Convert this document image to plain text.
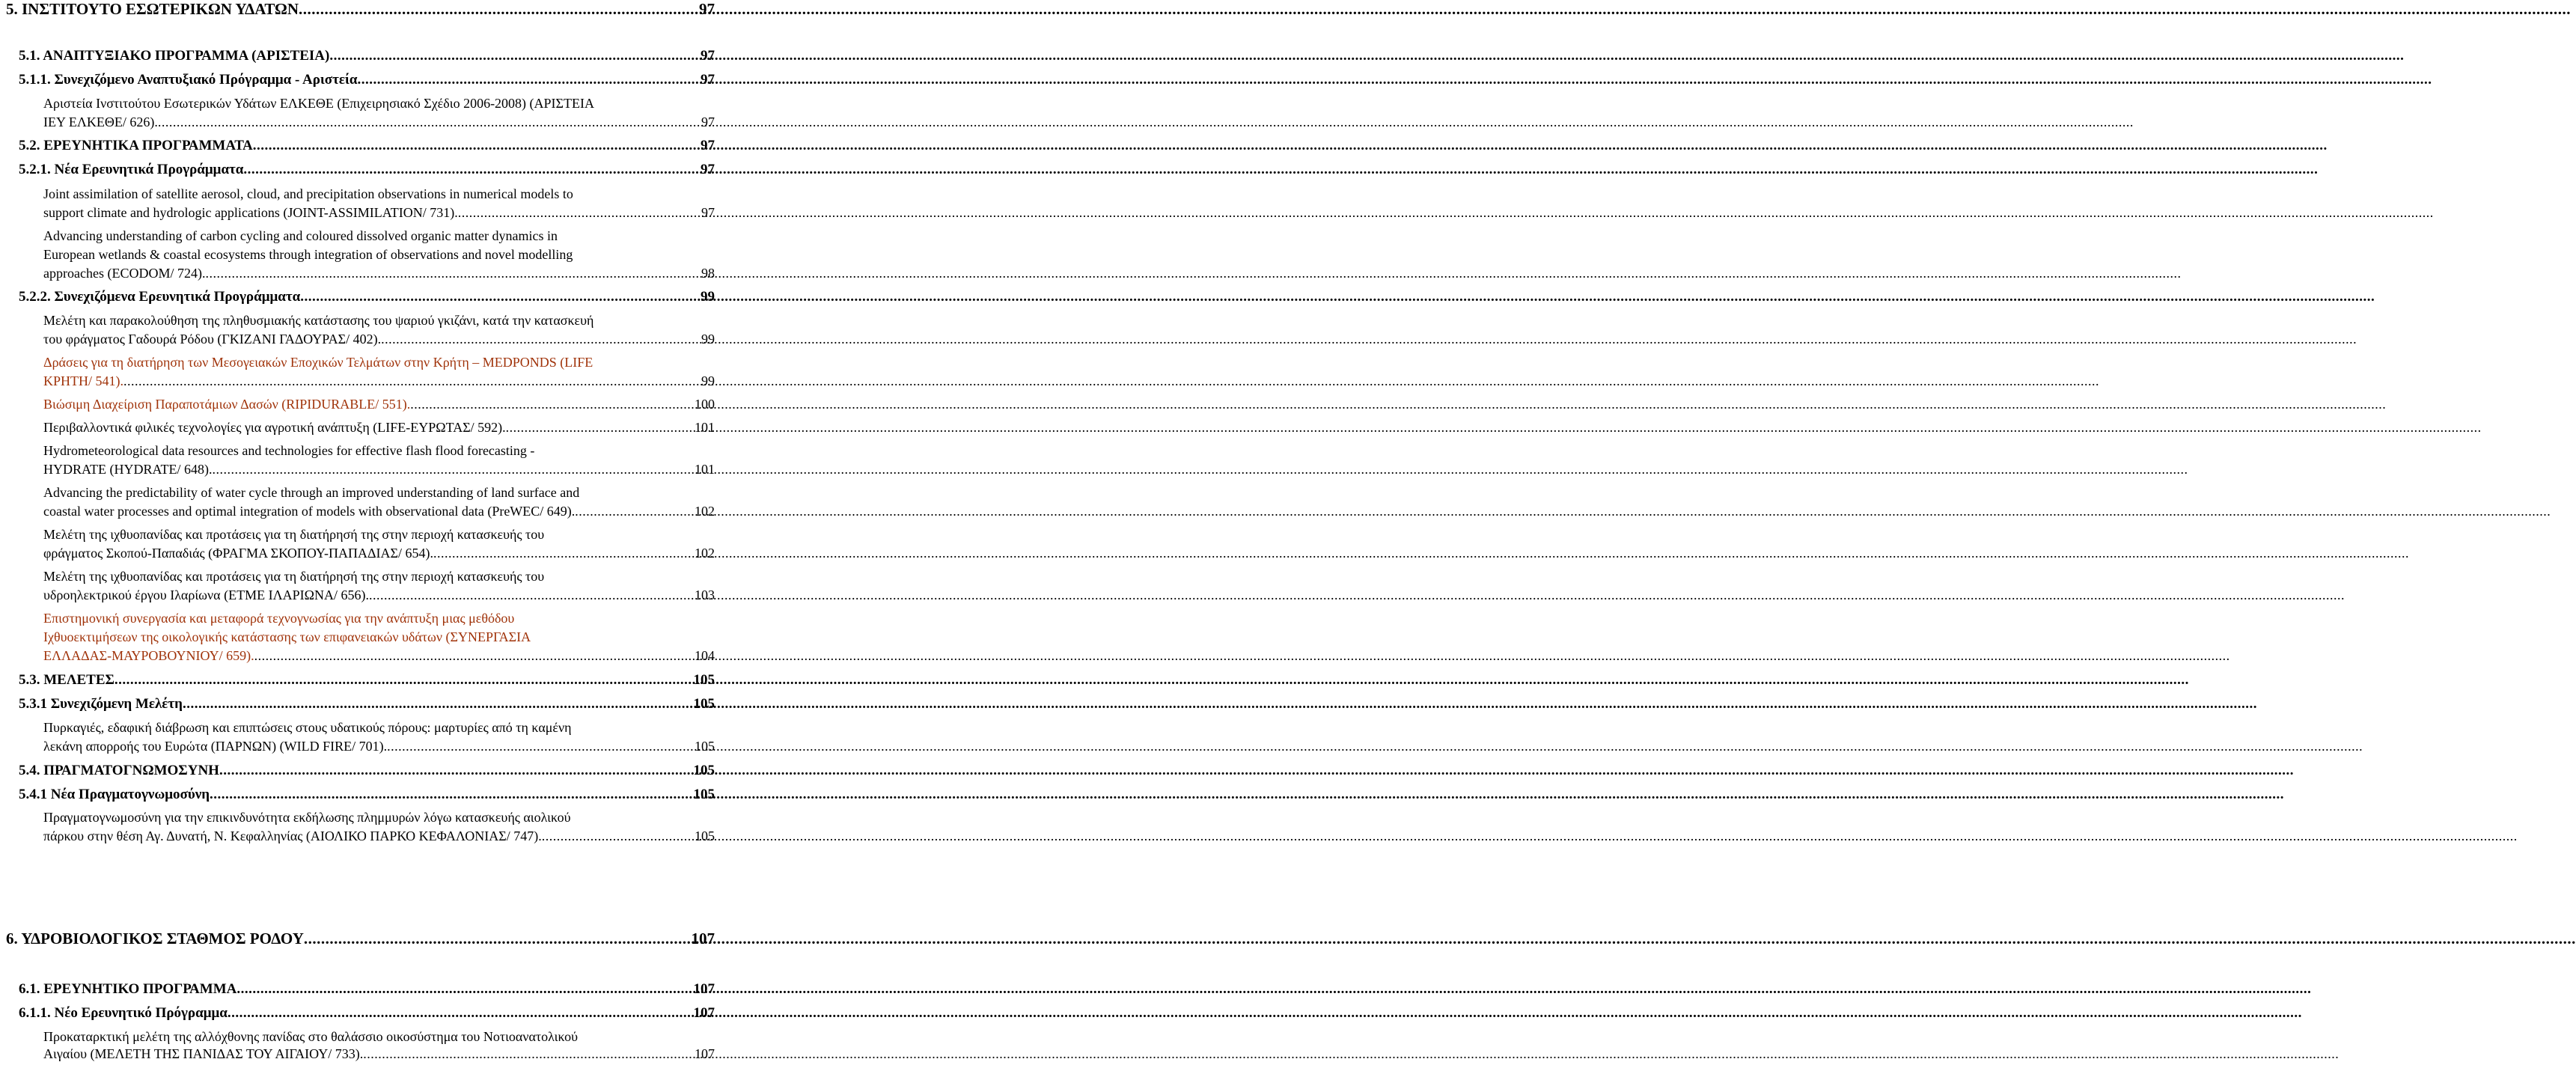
5. ΙΝΣΤΙΤΟΥΤΟ ΕΣΩΤΕΡΙΚΩΝ ΥΔΑΤΩΝ .....	97
5.1. ΑΝΑΠΤΥΞΙΑΚΟ ΠΡΟΓΡΑΜΜΑ (ΑΡΙΣΤΕΙΑ) .....	97
5.1.1. Συνεχιζόμενο Αναπτυξιακό Πρόγραμμα - Αριστεία .....	97
Αριστεία Ινστιτούτου Εσωτερικών Υδάτων ΕΛΚΕΘΕ (Επιχειρησιακό Σχέδιο 2006-2008) (ΑΡΙΣΤΕΙΑ
ΙΕΥ ΕΛΚΕΘΕ/ 626). .....	97
5.2. ΕΡΕΥΝΗΤΙΚΑ ΠΡΟΓΡΑΜΜΑΤΑ .....	97
5.2.1. Νέα Ερευνητικά Προγράμματα .....	97
Joint assimilation of satellite aerosol, cloud, and precipitation observations in numerical models to
support climate and hydrologic applications (JOINT-ASSIMILATION/ 731). .....	97
Advancing understanding of carbon cycling and coloured dissolved organic matter dynamics in
European wetlands & coastal ecosystems through integration of observations and novel modelling
approaches (ECODOM/ 724). .....	98
5.2.2. Συνεχιζόμενα Ερευνητικά Προγράμματα .....	99
Μελέτη και παρακολούθηση της πληθυσμιακής κατάστασης του ψαριού γκιζάνι, κατά την κατασκευή
του φράγματος Γαδουρά Ρόδου (ΓΚΙΖΑΝΙ ΓΑΔΟΥΡΑΣ/ 402). .....	99
Δράσεις για τη διατήρηση των Μεσογειακών Εποχικών Τελμάτων στην Κρήτη – MEDPONDS (LIFE
ΚΡΗΤΗ/ 541). .....	99
Βιώσιμη Διαχείριση Παραποτάμιων Δασών (RIPIDURABLE/ 551). .....	100
Περιβαλλοντικά φιλικές τεχνολογίες για αγροτική ανάπτυξη (LIFE-ΕΥΡΩΤΑΣ/ 592). .....	101
Hydrometeorological data resources and technologies for effective flash flood forecasting -
HYDRATE (HYDRATE/ 648). .....	101
Advancing the predictability of water cycle through an improved understanding of land surface and
coastal water processes and optimal integration of models with observational data (PreWEC/ 649). .....	102
Μελέτη της ιχθυοπανίδας και προτάσεις για τη διατήρησή της στην περιοχή κατασκευής του
φράγματος Σκοπού-Παπαδιάς (ΦΡΑΓΜΑ ΣΚΟΠΟΥ-ΠΑΠΑΔΙΑΣ/ 654). .....	102
Μελέτη της ιχθυοπανίδας και προτάσεις για τη διατήρησή της στην περιοχή κατασκευής του
υδροηλεκτρικού έργου Ιλαρίωνα (ΕΤΜΕ ΙΛΑΡΙΩΝΑ/ 656). .....	103
Επιστημονική συνεργασία και μεταφορά τεχνογνωσίας για την ανάπτυξη μιας μεθόδου
Ιχθυοεκτιμήσεων της οικολογικής κατάστασης των επιφανειακών υδάτων (ΣΥΝΕΡΓΑΣΙΑ
ΕΛΛΑΔΑΣ-ΜΑΥΡΟΒΟΥΝΙΟΥ/ 659). .....	104
5.3. ΜΕΛΕΤΕΣ .....	105
5.3.1 Συνεχιζόμενη Μελέτη .....	105
Πυρκαγιές, εδαφική διάβρωση και επιπτώσεις στους υδατικούς πόρους: μαρτυρίες από τη καμένη
λεκάνη απορροής του Ευρώτα (ΠΑΡΝΩΝ) (WILD FIRE/ 701). .....	105
5.4. ΠΡΑΓΜΑΤΟΓΝΩΜΟΣΥΝΗ .....	105
5.4.1 Νέα Πραγματογνωμοσύνη .....	105
Πραγματογνωμοσύνη για την επικινδυνότητα εκδήλωσης πλημμυρών λόγω κατασκευής αιολικού
πάρκου στην θέση Αγ. Δυνατή, Ν. Κεφαλληνίας (ΑΙΟΛΙΚΟ ΠΑΡΚΟ ΚΕΦΑΛΟΝΙΑΣ/ 747). .....	105
6. ΥΔΡΟΒΙΟΛΟΓΙΚΟΣ ΣΤΑΘΜΟΣ ΡΟΔΟΥ .....	107
6.1. ΕΡΕΥΝΗΤΙΚΟ ΠΡΟΓΡΑΜΜΑ .....	107
6.1.1. Νέο Ερευνητικό Πρόγραμμα .....	107
Προκαταρκτική μελέτη της αλλόχθονης πανίδας στο θαλάσσιο οικοσύστημα του Νοτιοανατολικού
Αιγαίου (ΜΕΛΕΤΗ ΤΗΣ ΠΑΝΙΔΑΣ ΤΟΥ ΑΙΓΑΙΟΥ/ 733). .....	107
